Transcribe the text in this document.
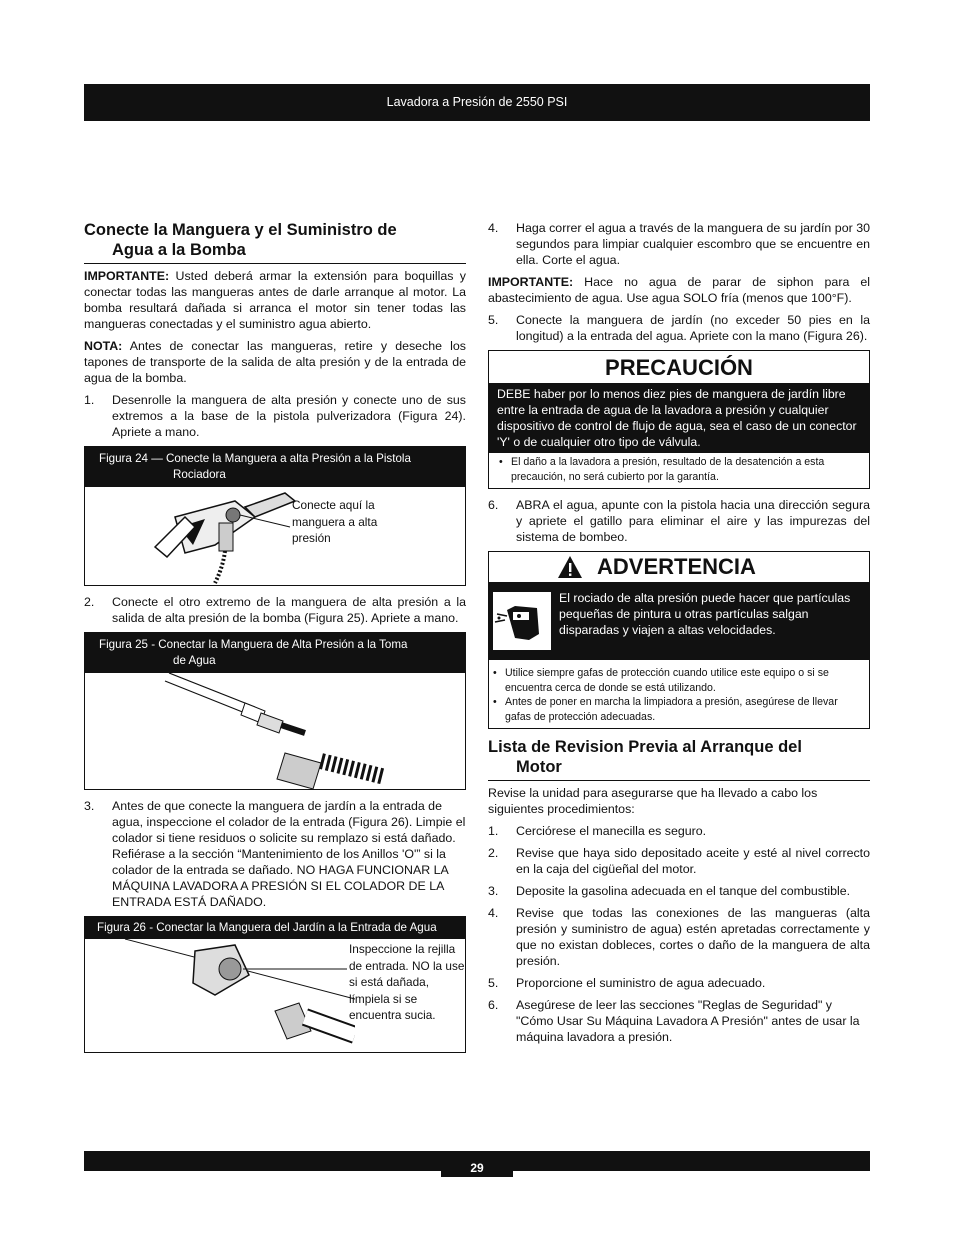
Lavadora a Presión de 2550 PSI
Conecte la Manguera y el Suministro de
Agua a la Bomba

IMPORTANTE: Usted deberá armar la extensión para boquillas y conectar todas las mangueras antes de darle arranque al motor. La bomba resultará dañada si arranca el motor sin tener todas las mangueras conectadas y el suministro agua abierto.

NOTA: Antes de conectar las mangueras, retire y deseche los tapones de transporte de la salida de alta presión y de la entrada de agua de la bomba.

1. Desenrolle la manguera de alta presión y conecte uno de sus extremos a la base de la pistola pulverizadora (Figura 24). Apriete a mano.
Figura 24 — Conecte la Manguera a alta Presión a la Pistola
Rociadora
Conecte aquí la manguera a alta presión
2. Conecte el otro extremo de la manguera de alta presión a la salida de alta presión de la bomba (Figura 25). Apriete a mano.
Figura 25 - Conectar la Manguera de Alta Presión a la Toma
de Agua
3. Antes de que conecte la manguera de jardín a la entrada de agua, inspeccione el colador de la entrada (Figura 26). Limpie el colador si tiene residuos o solicite su remplazo si está dañado. Refiérase a la sección “Mantenimiento de los Anillos 'O'” si la colador de la entrada se dañado. NO HAGA FUNCIONAR LA MÁQUINA LAVADORA A PRESIÓN SI EL COLADOR DE LA ENTRADA ESTÁ DAÑADO.
Figura 26 - Conectar la Manguera del Jardín a la Entrada de Agua
Inspeccione la rejilla de entrada. NO la use si está dañada, límpiela si se encuentra sucia.
4. Haga correr el agua a través de la manguera de su jardín por 30 segundos para limpiar cualquier escombro que se encuentre en ella. Corte el agua.

IMPORTANTE: Hace no agua de parar de siphon para el abastecimiento de agua. Use agua SOLO fría (menos que 100°F).

5. Conecte la manguera de jardín (no exceder 50 pies en la longitud) a la entrada del agua. Apriete con la mano (Figura 26).
PRECAUCIÓN
DEBE haber por lo menos diez pies de manguera de jardín libre entre la entrada de agua de la lavadora a presión y cualquier dispositivo de control de flujo de agua, sea el caso de un conector 'Y' o de cualquier otro tipo de válvula.
• El daño a la lavadora a presión, resultado de la desatención a esta precaución, no será cubierto por la garantía.
6. ABRA el agua, apunte con la pistola hacia una dirección segura y apriete el gatillo para eliminar el aire y las impurezas del sistema de bombeo.
ADVERTENCIA
El rociado de alta presión puede hacer que partículas pequeñas de pintura u otras partículas salgan disparadas y viajen a altas velocidades.
• Utilice siempre gafas de protección cuando utilice este equipo o si se encuentra cerca de donde se está utilizando.
• Antes de poner en marcha la limpiadora a presión, asegúrese de llevar gafas de protección adecuadas.
Lista de Revision Previa al Arranque del
Motor

Revise la unidad para asegurarse que ha llevado a cabo los siguientes procedimientos:

1. Cerciórese el manecilla es seguro.
2. Revise que haya sido depositado aceite y esté al nivel correcto en la caja del cigüeñal del motor.
3. Deposite la gasolina adecuada en el tanque del combustible.
4. Revise que todas las conexiones de las mangueras (alta presión y suministro de agua) estén apretadas correctamente y que no existan dobleces, cortes o daño de la manguera de alta presión.
5. Proporcione el suministro de agua adecuado.
6. Asegúrese de leer las secciones "Reglas de Seguridad" y "Cómo Usar Su Máquina Lavadora A Presión" antes de usar la máquina lavadora a presión.
29
